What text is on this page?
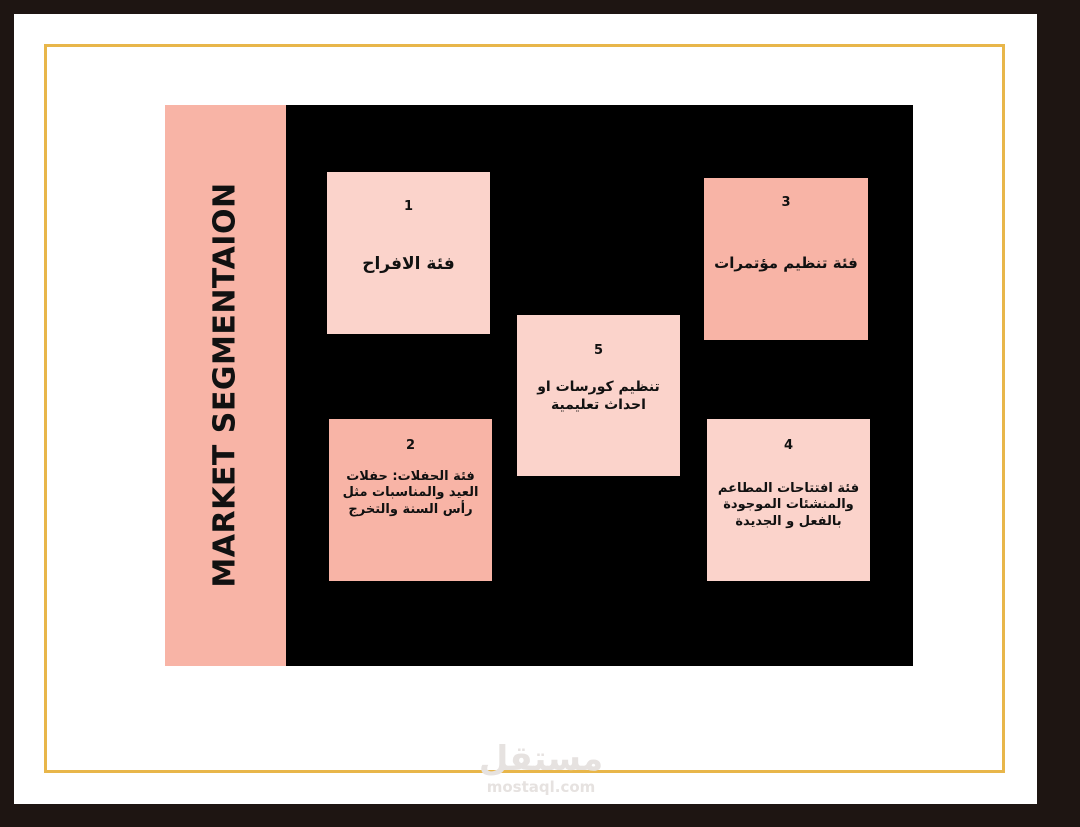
MARKET SEGMENTAION	1
فئة الافراح
3
فئة تنظيم مؤتمرات
5
تنظيم كورسات او احداث تعليمية
2
فئة الحفلات: حفلات العيد والمناسبات مثل رأس السنة والتخرج
4
فئة افتتاحات المطاعم والمنشئات الموجودة بالفعل و الجديدة
مستقل
mostaql.com
